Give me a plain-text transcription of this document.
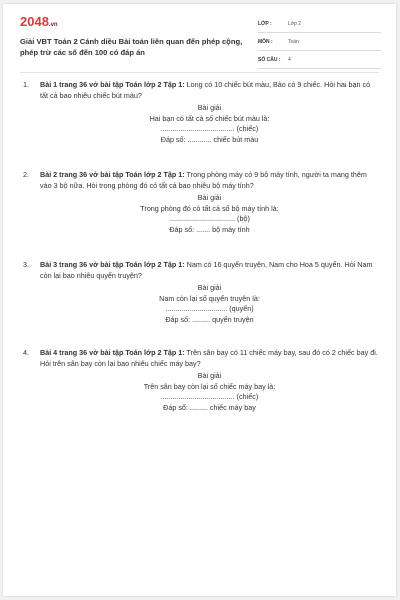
2048.vn
Giải VBT Toán 2 Cánh diều Bài toán liên quan đến phép cộng, phép trừ các số đến 100 có đáp án
LỚP :	Lớp 2
MÔN :	Toán
SỐ CÂU : 4
1. Bài 1 trang 36 vở bài tập Toán lớp 2 Tập 1: Long có 10 chiếc bút màu, Bảo có 9 chiếc. Hỏi hai bạn có tất cả bao nhiêu chiếc bút màu?
Bài giải
Hai bạn có tất cả số chiếc bút màu là:
..................................... (chiếc)
Đáp số: ............ chiếc bút màu
2. Bài 2 trang 36 vở bài tập Toán lớp 2 Tập 1: Trong phòng máy có 9 bộ máy tính, người ta mang thêm vào 3 bộ nữa. Hỏi trong phòng đó có tất cả bao nhiêu bộ máy tính?
Bài giải
Trong phòng đó có tất cả số bộ máy tính là:
................................. (bộ)
Đáp số: ....... bộ máy tính
3. Bài 3 trang 36 vở bài tập Toán lớp 2 Tập 1: Nam có 16 quyển truyện, Nam cho Hoa 5 quyển. Hỏi Nam còn lại bao nhiêu quyển truyện?
Bài giải
Nam còn lại số quyển truyện là:
............................... (quyển)
Đáp số: ......... quyển truyện
4. Bài 4 trang 36 vở bài tập Toán lớp 2 Tập 1: Trên sân bay có 11 chiếc máy bay, sau đó có 2 chiếc bay đi. Hỏi trên sân bay còn lại bao nhiêu chiếc máy bay?
Bài giải
Trên sân bay còn lại số chiếc máy bay là:
..................................... (chiếc)
Đáp số: ......... chiếc máy bay
